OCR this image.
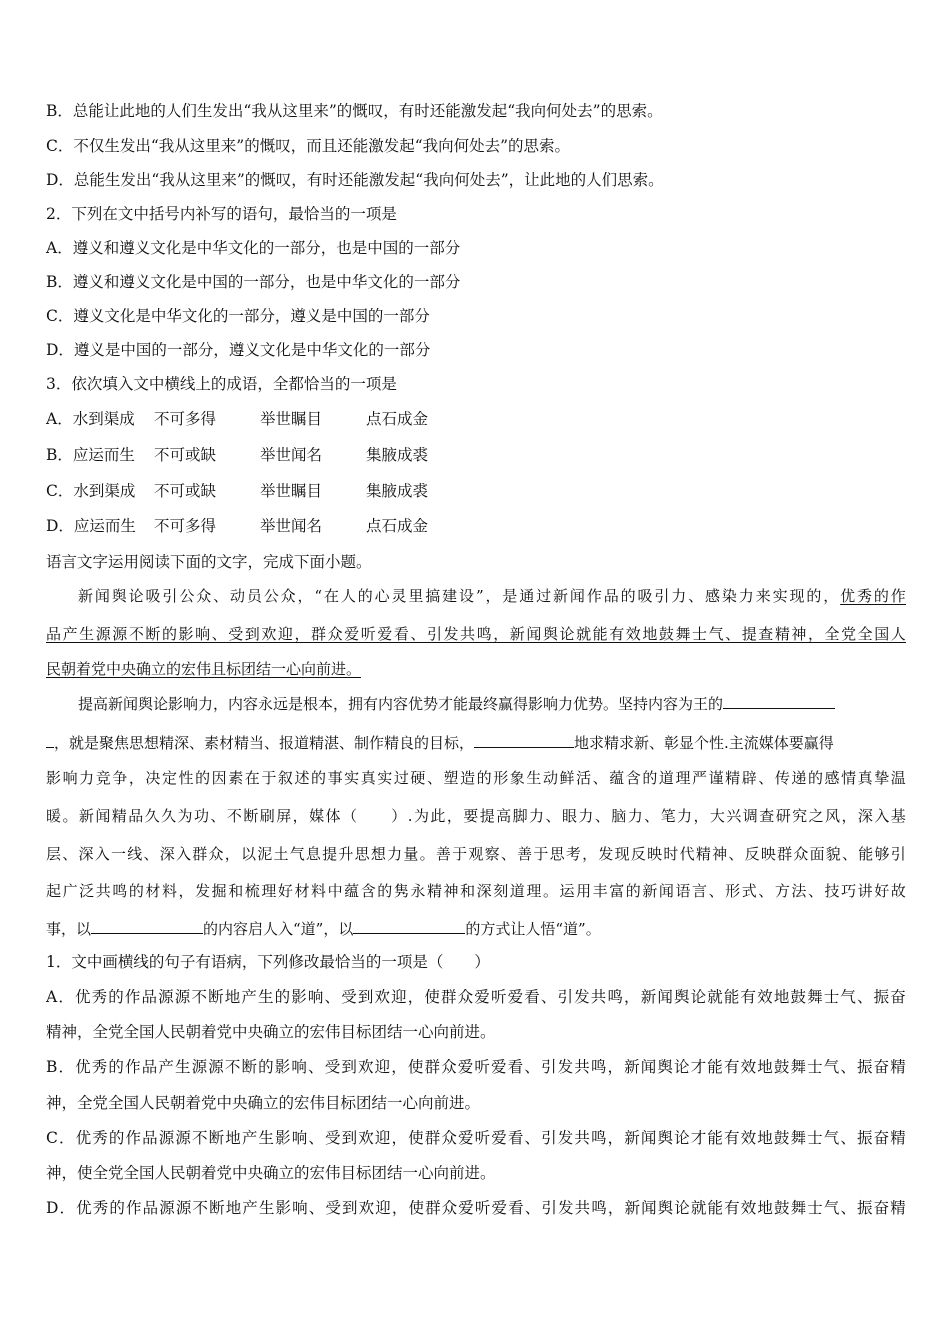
B．总能让此地的人们生发出“我从这里来”的慨叹，有时还能激发起“我向何处去”的思索。
C．不仅生发出“我从这里来”的慨叹，而且还能激发起“我向何处去”的思索。
D．总能生发出“我从这里来”的慨叹，有时还能激发起“我向何处去”，让此地的人们思索。
2．下列在文中括号内补写的语句，最恰当的一项是
A．遵义和遵义文化是中华文化的一部分，也是中国的一部分
B．遵义和遵义文化是中国的一部分，也是中华文化的一部分
C．遵义文化是中华文化的一部分，遵义是中国的一部分
D．遵义是中国的一部分，遵义文化是中华文化的一部分
3．依次填入文中横线上的成语，全都恰当的一项是
A．水到渠成 不可多得	举世瞩目	点石成金
B．应运而生 不可或缺	举世闻名	集腋成裘
C．水到渠成 不可或缺	举世瞩目	集腋成裘
D．应运而生 不可多得	举世闻名	点石成金
语言文字运用阅读下面的文字，完成下面小题。
新闻舆论吸引公众、动员公众，“在人的心灵里搞建设”，是通过新闻作品的吸引力、感染力来实现的，优秀的作
品产生源源不断的影响、受到欢迎，群众爱听爱看、引发共鸣，新闻舆论就能有效地鼓舞士气、提查精神，全党全国人
民朝着党中央确立的宏伟且标团结一心向前进。
提高新闻舆论影响力，内容永远是根本，拥有内容优势才能最终赢得影响力优势。坚持内容为王的
，就是聚焦思想精深、素材精当、报道精湛、制作精良的目标，	地求精求新、彰显个性.主流媒体要赢得
影响力竞争，决定性的因素在于叙述的事实真实过硬、塑造的形象生动鲜活、蕴含的道理严谨精辟、传递的感情真挚温
暖。新闻精品久久为功、不断刷屏，媒体（　　）.为此，要提高脚力、眼力、脑力、笔力，大兴调查研究之风，深入基
层、深入一线、深入群众，以泥土气息提升思想力量。善于观察、善于思考，发现反映时代精神、反映群众面貌、能够引
起广泛共鸣的材料，发掘和梳理好材料中蕴含的隽永精神和深刻道理。运用丰富的新闻语言、形式、方法、技巧讲好故
事，以	的内容启人入“道”，以	的方式让人悟“道”。
1．文中画横线的句子有语病，下列修改最恰当的一项是（　　）
A．优秀的作品源源不断地产生的影响、受到欢迎，使群众爱听爱看、引发共鸣，新闻舆论就能有效地鼓舞士气、振奋
精神，全党全国人民朝着党中央确立的宏伟目标团结一心向前进。
B．优秀的作品产生源源不断的影响、受到欢迎，使群众爱听爱看、引发共鸣，新闻舆论才能有效地鼓舞士气、振奋精
神，全党全国人民朝着党中央确立的宏伟目标团结一心向前进。
C．优秀的作品源源不断地产生影响、受到欢迎，使群众爱听爱看、引发共鸣，新闻舆论才能有效地鼓舞士气、振奋精
神，使全党全国人民朝着党中央确立的宏伟目标团结一心向前进。
D．优秀的作品源源不断地产生影响、受到欢迎，使群众爱听爱看、引发共鸣，新闻舆论就能有效地鼓舞士气、振奋精
